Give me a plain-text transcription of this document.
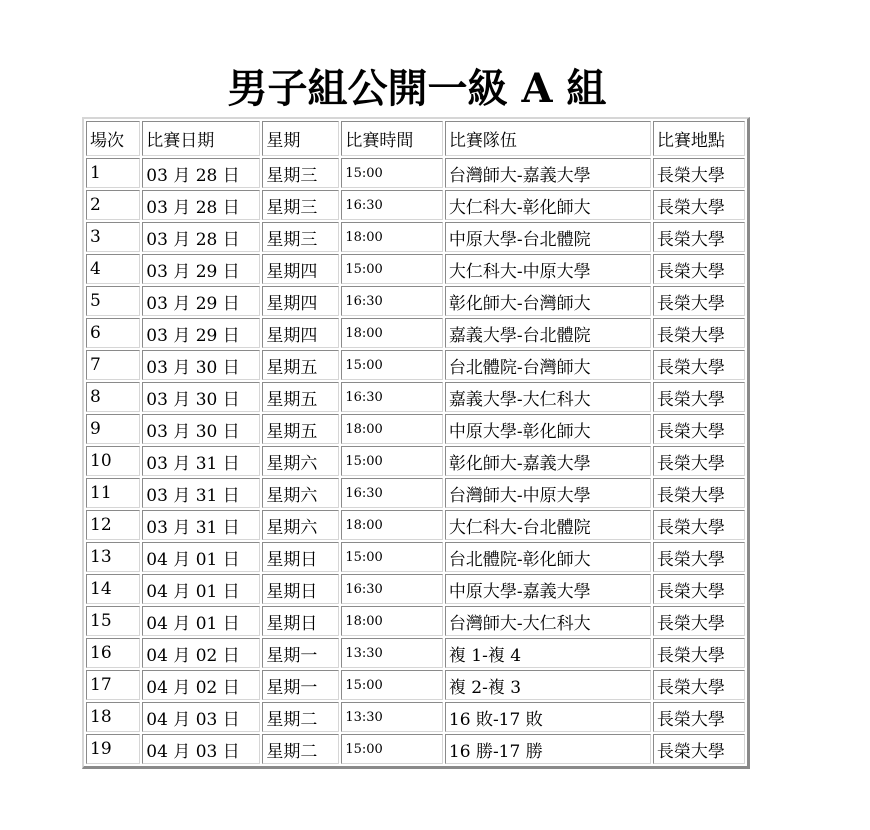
男子組公開一級 A 組
場次	比賽日期	星期	比賽時間	比賽隊伍	比賽地點
1	03 月 28 日	星期三	15:00	台灣師大-嘉義大學	長榮大學
2	03 月 28 日	星期三	16:30	大仁科大-彰化師大	長榮大學
3	03 月 28 日	星期三	18:00	中原大學-台北體院	長榮大學
4	03 月 29 日	星期四	15:00	大仁科大-中原大學	長榮大學
5	03 月 29 日	星期四	16:30	彰化師大-台灣師大	長榮大學
6	03 月 29 日	星期四	18:00	嘉義大學-台北體院	長榮大學
7	03 月 30 日	星期五	15:00	台北體院-台灣師大	長榮大學
8	03 月 30 日	星期五	16:30	嘉義大學-大仁科大	長榮大學
9	03 月 30 日	星期五	18:00	中原大學-彰化師大	長榮大學
10	03 月 31 日	星期六	15:00	彰化師大-嘉義大學	長榮大學
11	03 月 31 日	星期六	16:30	台灣師大-中原大學	長榮大學
12	03 月 31 日	星期六	18:00	大仁科大-台北體院	長榮大學
13	04 月 01 日	星期日	15:00	台北體院-彰化師大	長榮大學
14	04 月 01 日	星期日	16:30	中原大學-嘉義大學	長榮大學
15	04 月 01 日	星期日	18:00	台灣師大-大仁科大	長榮大學
16	04 月 02 日	星期一	13:30	複 1-複 4	長榮大學
17	04 月 02 日	星期一	15:00	複 2-複 3	長榮大學
18	04 月 03 日	星期二	13:30	16 敗-17 敗	長榮大學
19	04 月 03 日	星期二	15:00	16 勝-17 勝	長榮大學
